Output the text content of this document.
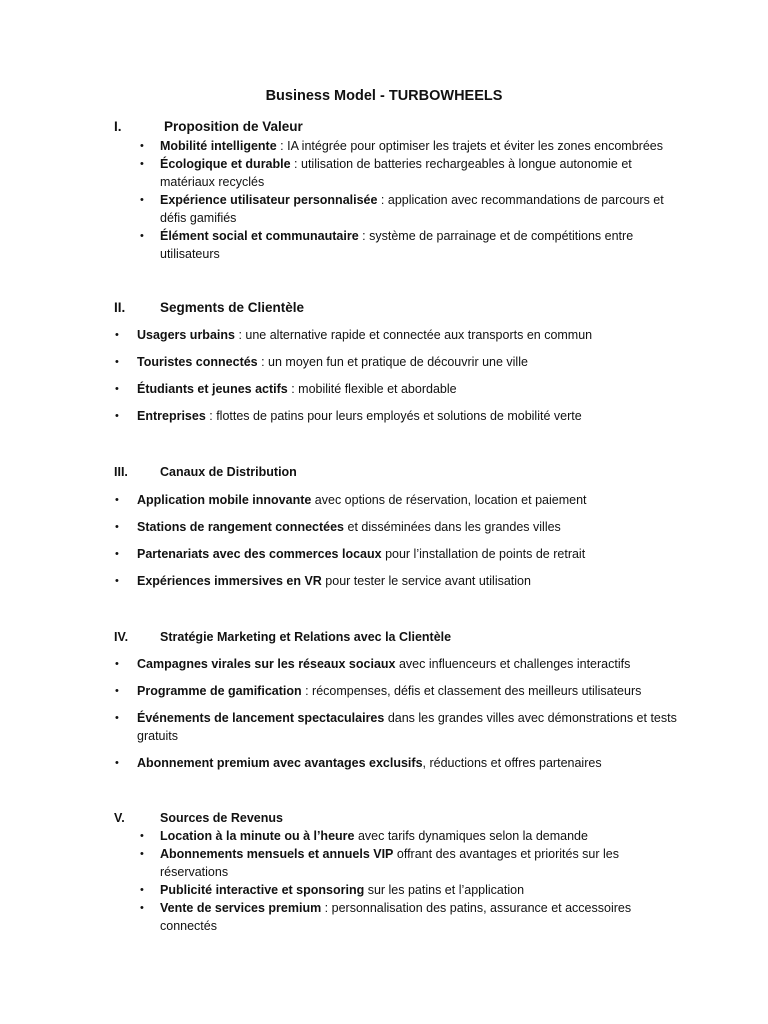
Business Model - TURBOWHEELS
I.	Proposition de Valeur
• Mobilité intelligente : IA intégrée pour optimiser les trajets et éviter les zones encombrées
• Écologique et durable : utilisation de batteries rechargeables à longue autonomie et matériaux recyclés
• Expérience utilisateur personnalisée : application avec recommandations de parcours et défis gamifiés
• Élément social et communautaire : système de parrainage et de compétitions entre utilisateurs
II.	Segments de Clientèle
• Usagers urbains : une alternative rapide et connectée aux transports en commun
• Touristes connectés : un moyen fun et pratique de découvrir une ville
• Étudiants et jeunes actifs : mobilité flexible et abordable
• Entreprises : flottes de patins pour leurs employés et solutions de mobilité verte
III.	Canaux de Distribution
• Application mobile innovante avec options de réservation, location et paiement
• Stations de rangement connectées et disséminées dans les grandes villes
• Partenariats avec des commerces locaux pour l’installation de points de retrait
• Expériences immersives en VR pour tester le service avant utilisation
IV.	Stratégie Marketing et Relations avec la Clientèle
• Campagnes virales sur les réseaux sociaux avec influenceurs et challenges interactifs
• Programme de gamification : récompenses, défis et classement des meilleurs utilisateurs
• Événements de lancement spectaculaires dans les grandes villes avec démonstrations et tests gratuits
• Abonnement premium avec avantages exclusifs, réductions et offres partenaires
V.	Sources de Revenus
• Location à la minute ou à l’heure avec tarifs dynamiques selon la demande
• Abonnements mensuels et annuels VIP offrant des avantages et priorités sur les réservations
• Publicité interactive et sponsoring sur les patins et l’application
• Vente de services premium : personnalisation des patins, assurance et accessoires connectés
